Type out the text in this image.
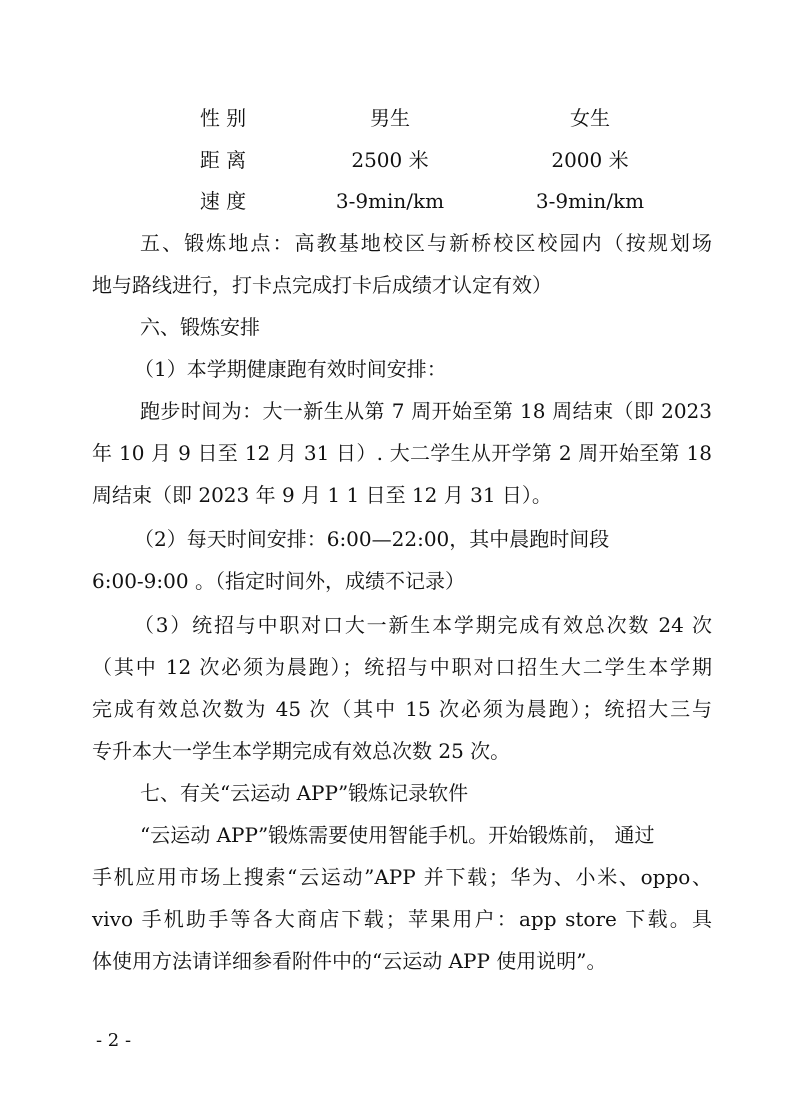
性 别	男生	女生
距 离	2500 米	2000 米
速 度	3-9min/km	3-9min/km
五、锻炼地点：高教基地校区与新桥校区校园内（按规划场
地与路线进行，打卡点完成打卡后成绩才认定有效）
六、锻炼安排
（1）本学期健康跑有效时间安排：
跑步时间为：大一新生从第 7 周开始至第 18 周结束（即 2023
年 10 月 9 日至 12 月 31 日）. 大二学生从开学第 2 周开始至第 18
周结束（即 2023 年 9 月 1 1 日至 12 月 31 日）。
（2）每天时间安排：6:00—22:00，其中晨跑时间段
6:00-9:00 。（指定时间外，成绩不记录）
（3）统招与中职对口大一新生本学期完成有效总次数 24 次
（其中 12 次必须为晨跑）；统招与中职对口招生大二学生本学期
完成有效总次数为 45 次（其中 15 次必须为晨跑）；统招大三与
专升本大一学生本学期完成有效总次数 25 次。
七、有关“云运动 APP”锻炼记录软件
“云运动 APP”锻炼需要使用智能手机。开始锻炼前， 通过
手机应用市场上搜索“云运动”APP 并下载；华为、小米、oppo、
vivo 手机助手等各大商店下载；苹果用户：app store 下载。具
体使用方法请详细参看附件中的“云运动 APP 使用说明”。
- 2 -
